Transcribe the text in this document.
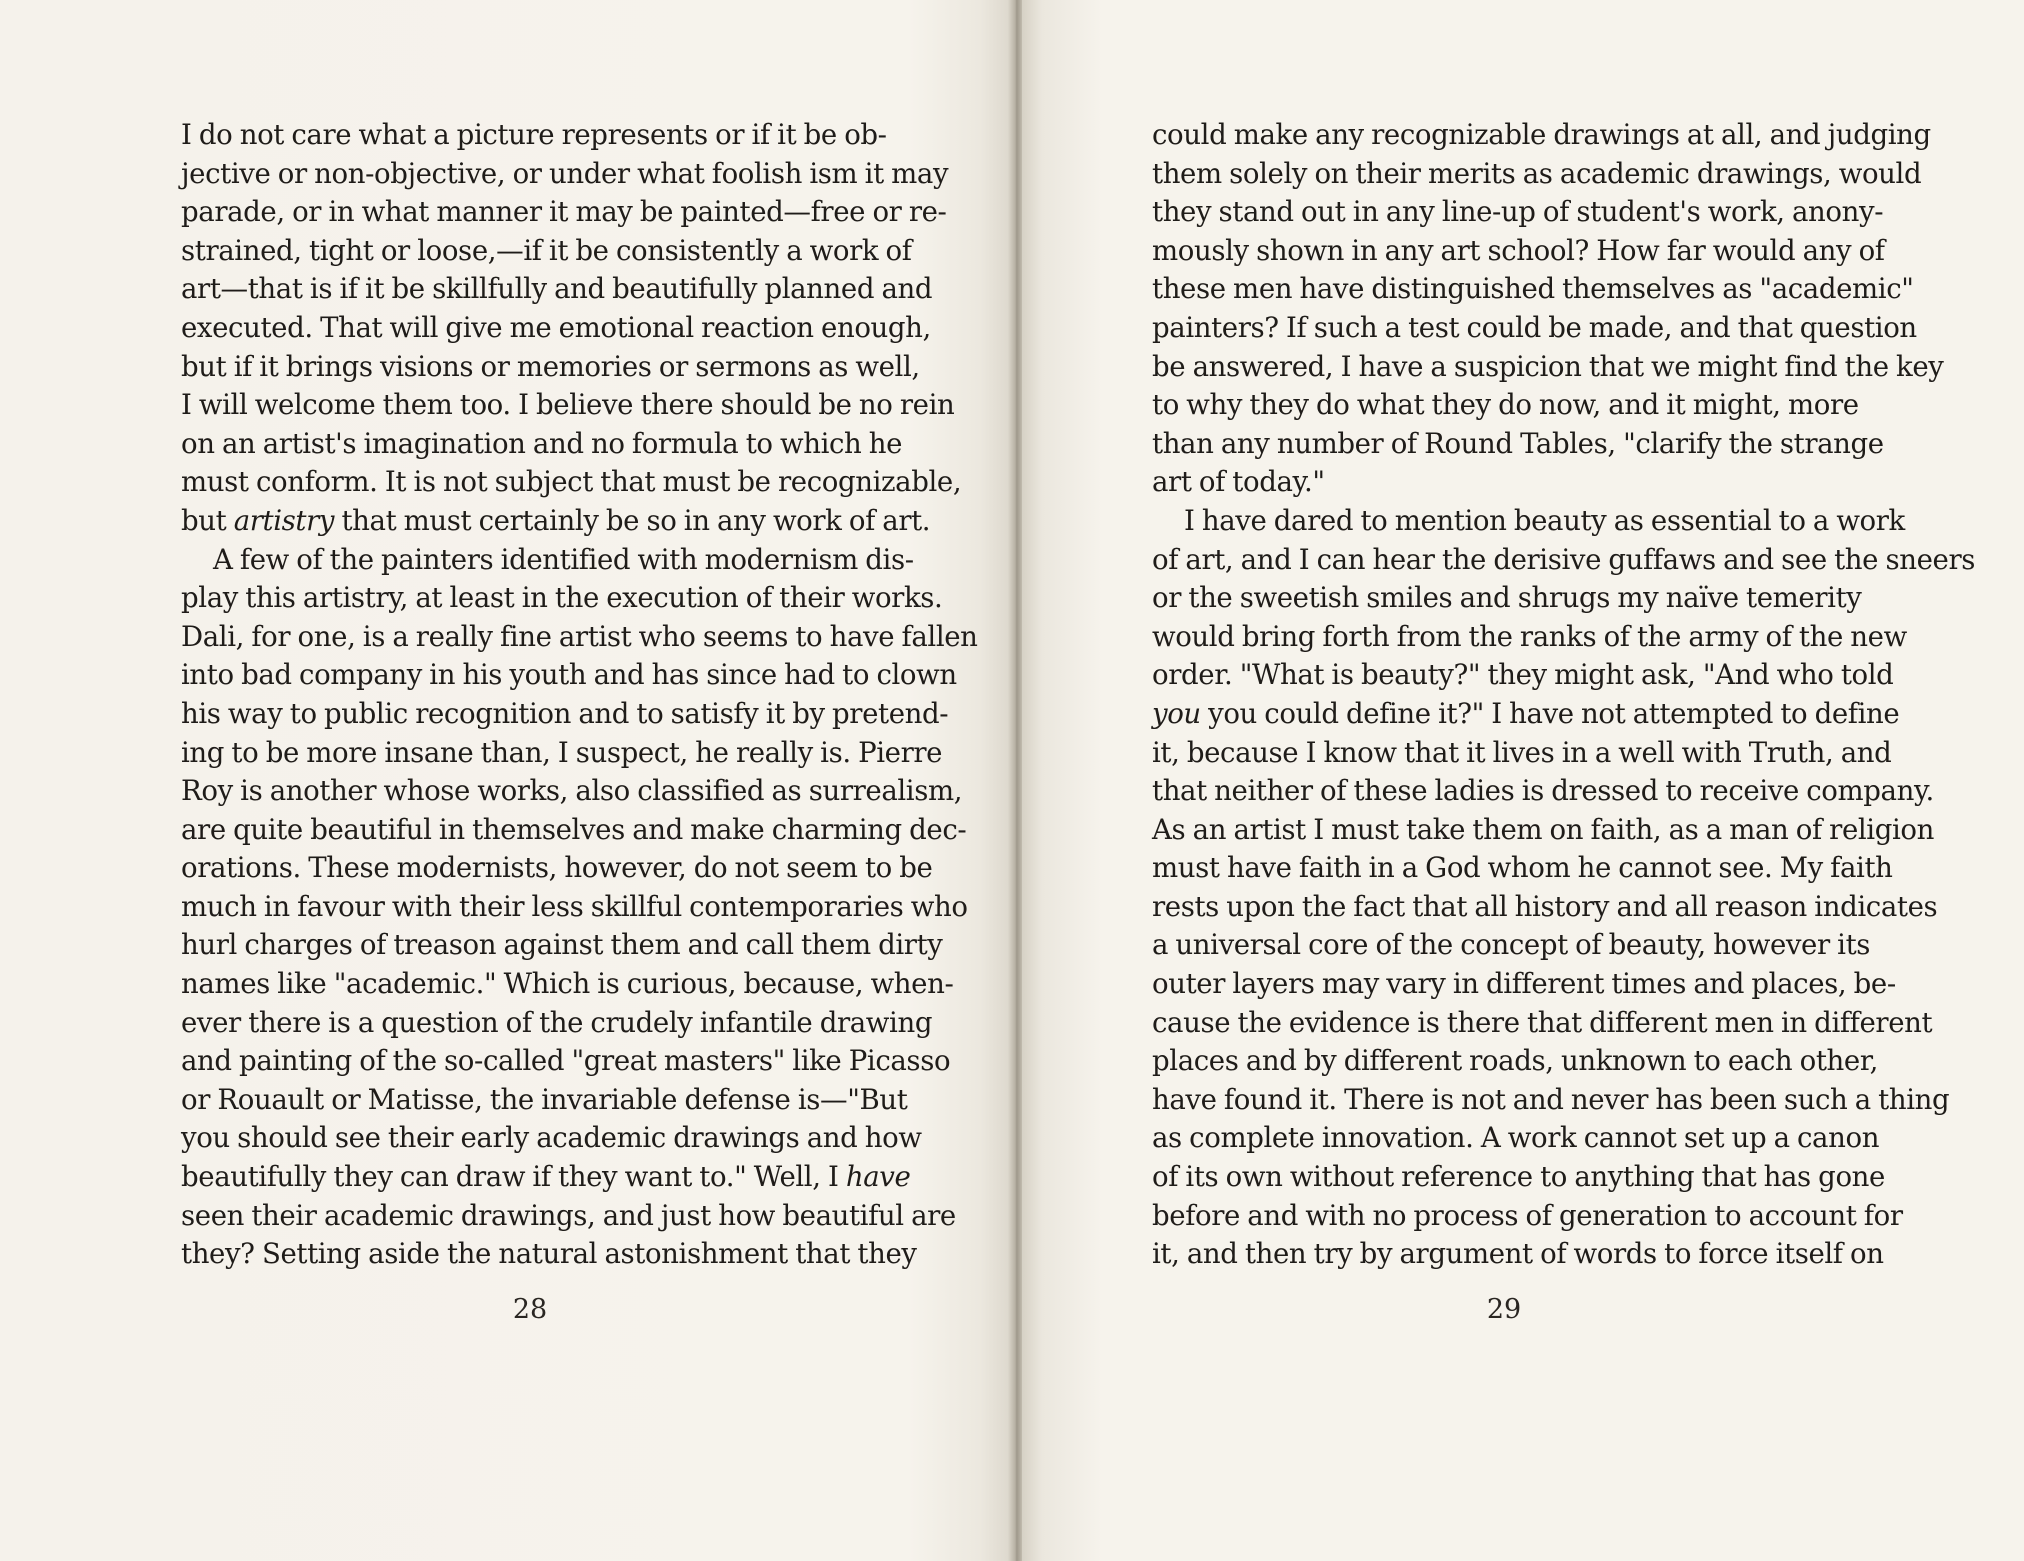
I do not care what a picture represents or if it be ob-
jective or non-objective, or under what foolish ism it may
parade, or in what manner it may be painted—free or re-
strained, tight or loose,—if it be consistently a work of
art—that is if it be skillfully and beautifully planned and
executed. That will give me emotional reaction enough,
but if it brings visions or memories or sermons as well,
I will welcome them too. I believe there should be no rein
on an artist's imagination and no formula to which he
must conform. It is not subject that must be recognizable,
but artistry that must certainly be so in any work of art.
A few of the painters identified with modernism dis-
play this artistry, at least in the execution of their works.
Dali, for one, is a really fine artist who seems to have fallen
into bad company in his youth and has since had to clown
his way to public recognition and to satisfy it by pretend-
ing to be more insane than, I suspect, he really is. Pierre
Roy is another whose works, also classified as surrealism,
are quite beautiful in themselves and make charming dec-
orations. These modernists, however, do not seem to be
much in favour with their less skillful contemporaries who
hurl charges of treason against them and call them dirty
names like "academic." Which is curious, because, when-
ever there is a question of the crudely infantile drawing
and painting of the so-called "great masters" like Picasso
or Rouault or Matisse, the invariable defense is—"But
you should see their early academic drawings and how
beautifully they can draw if they want to." Well, I have
seen their academic drawings, and just how beautiful are
they? Setting aside the natural astonishment that they
28
could make any recognizable drawings at all, and judging
them solely on their merits as academic drawings, would
they stand out in any line-up of student's work, anony-
mously shown in any art school? How far would any of
these men have distinguished themselves as "academic"
painters? If such a test could be made, and that question
be answered, I have a suspicion that we might find the key
to why they do what they do now, and it might, more
than any number of Round Tables, "clarify the strange
art of today."
I have dared to mention beauty as essential to a work
of art, and I can hear the derisive guffaws and see the sneers
or the sweetish smiles and shrugs my naïve temerity
would bring forth from the ranks of the army of the new
order. "What is beauty?" they might ask, "And who told
you you could define it?" I have not attempted to define
it, because I know that it lives in a well with Truth, and
that neither of these ladies is dressed to receive company.
As an artist I must take them on faith, as a man of religion
must have faith in a God whom he cannot see. My faith
rests upon the fact that all history and all reason indicates
a universal core of the concept of beauty, however its
outer layers may vary in different times and places, be-
cause the evidence is there that different men in different
places and by different roads, unknown to each other,
have found it. There is not and never has been such a thing
as complete innovation. A work cannot set up a canon
of its own without reference to anything that has gone
before and with no process of generation to account for
it, and then try by argument of words to force itself on
29
